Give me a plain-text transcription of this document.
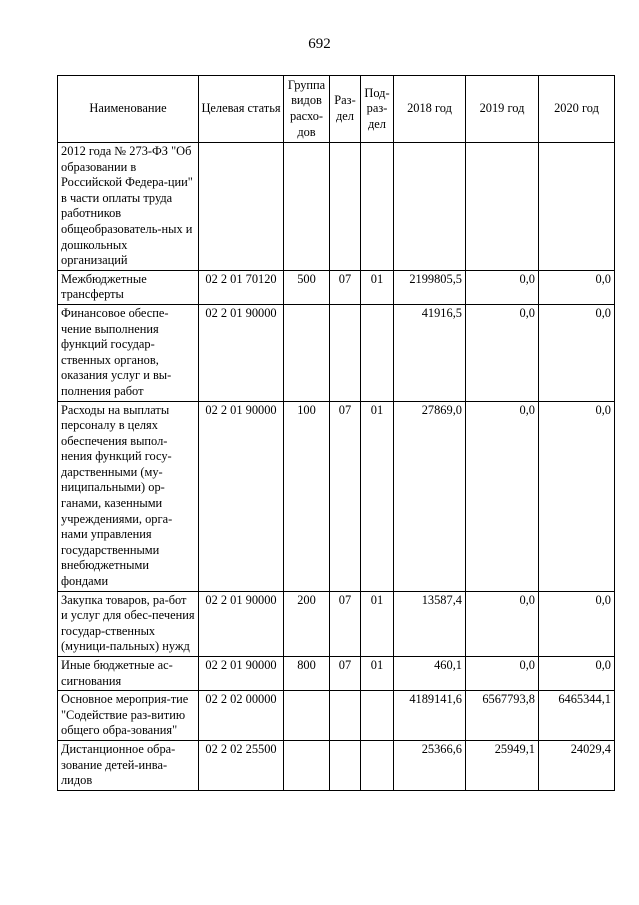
692
Наименование	Целевая статья	Группа видов расхо-дов	Раз-дел	Под-раз-дел	2018 год	2019 год	2020 год
2012 года № 273-ФЗ "Об образовании в Российской Федера-ции" в части оплаты труда работников общеобразователь-ных и дошкольных организаций							
Межбюджетные трансферты	02 2 01 70120	500	07	01	2199805,5	0,0	0,0
Финансовое обеспе-чение выполнения функций государ-ственных органов, оказания услуг и вы-полнения работ	02 2 01 90000				41916,5	0,0	0,0
Расходы на выплаты персоналу в целях обеспечения выпол-нения функций госу-дарственными (му-ниципальными) ор-ганами, казенными учреждениями, орга-нами управления государственными внебюджетными фондами	02 2 01 90000	100	07	01	27869,0	0,0	0,0
Закупка товаров, ра-бот и услуг для обес-печения государ-ственных (муници-пальных) нужд	02 2 01 90000	200	07	01	13587,4	0,0	0,0
Иные бюджетные ас-сигнования	02 2 01 90000	800	07	01	460,1	0,0	0,0
Основное мероприя-тие "Содействие раз-витию общего обра-зования"	02 2 02 00000				4189141,6	6567793,8	6465344,1
Дистанционное обра-зование детей-инва-лидов	02 2 02 25500				25366,6	25949,1	24029,4
